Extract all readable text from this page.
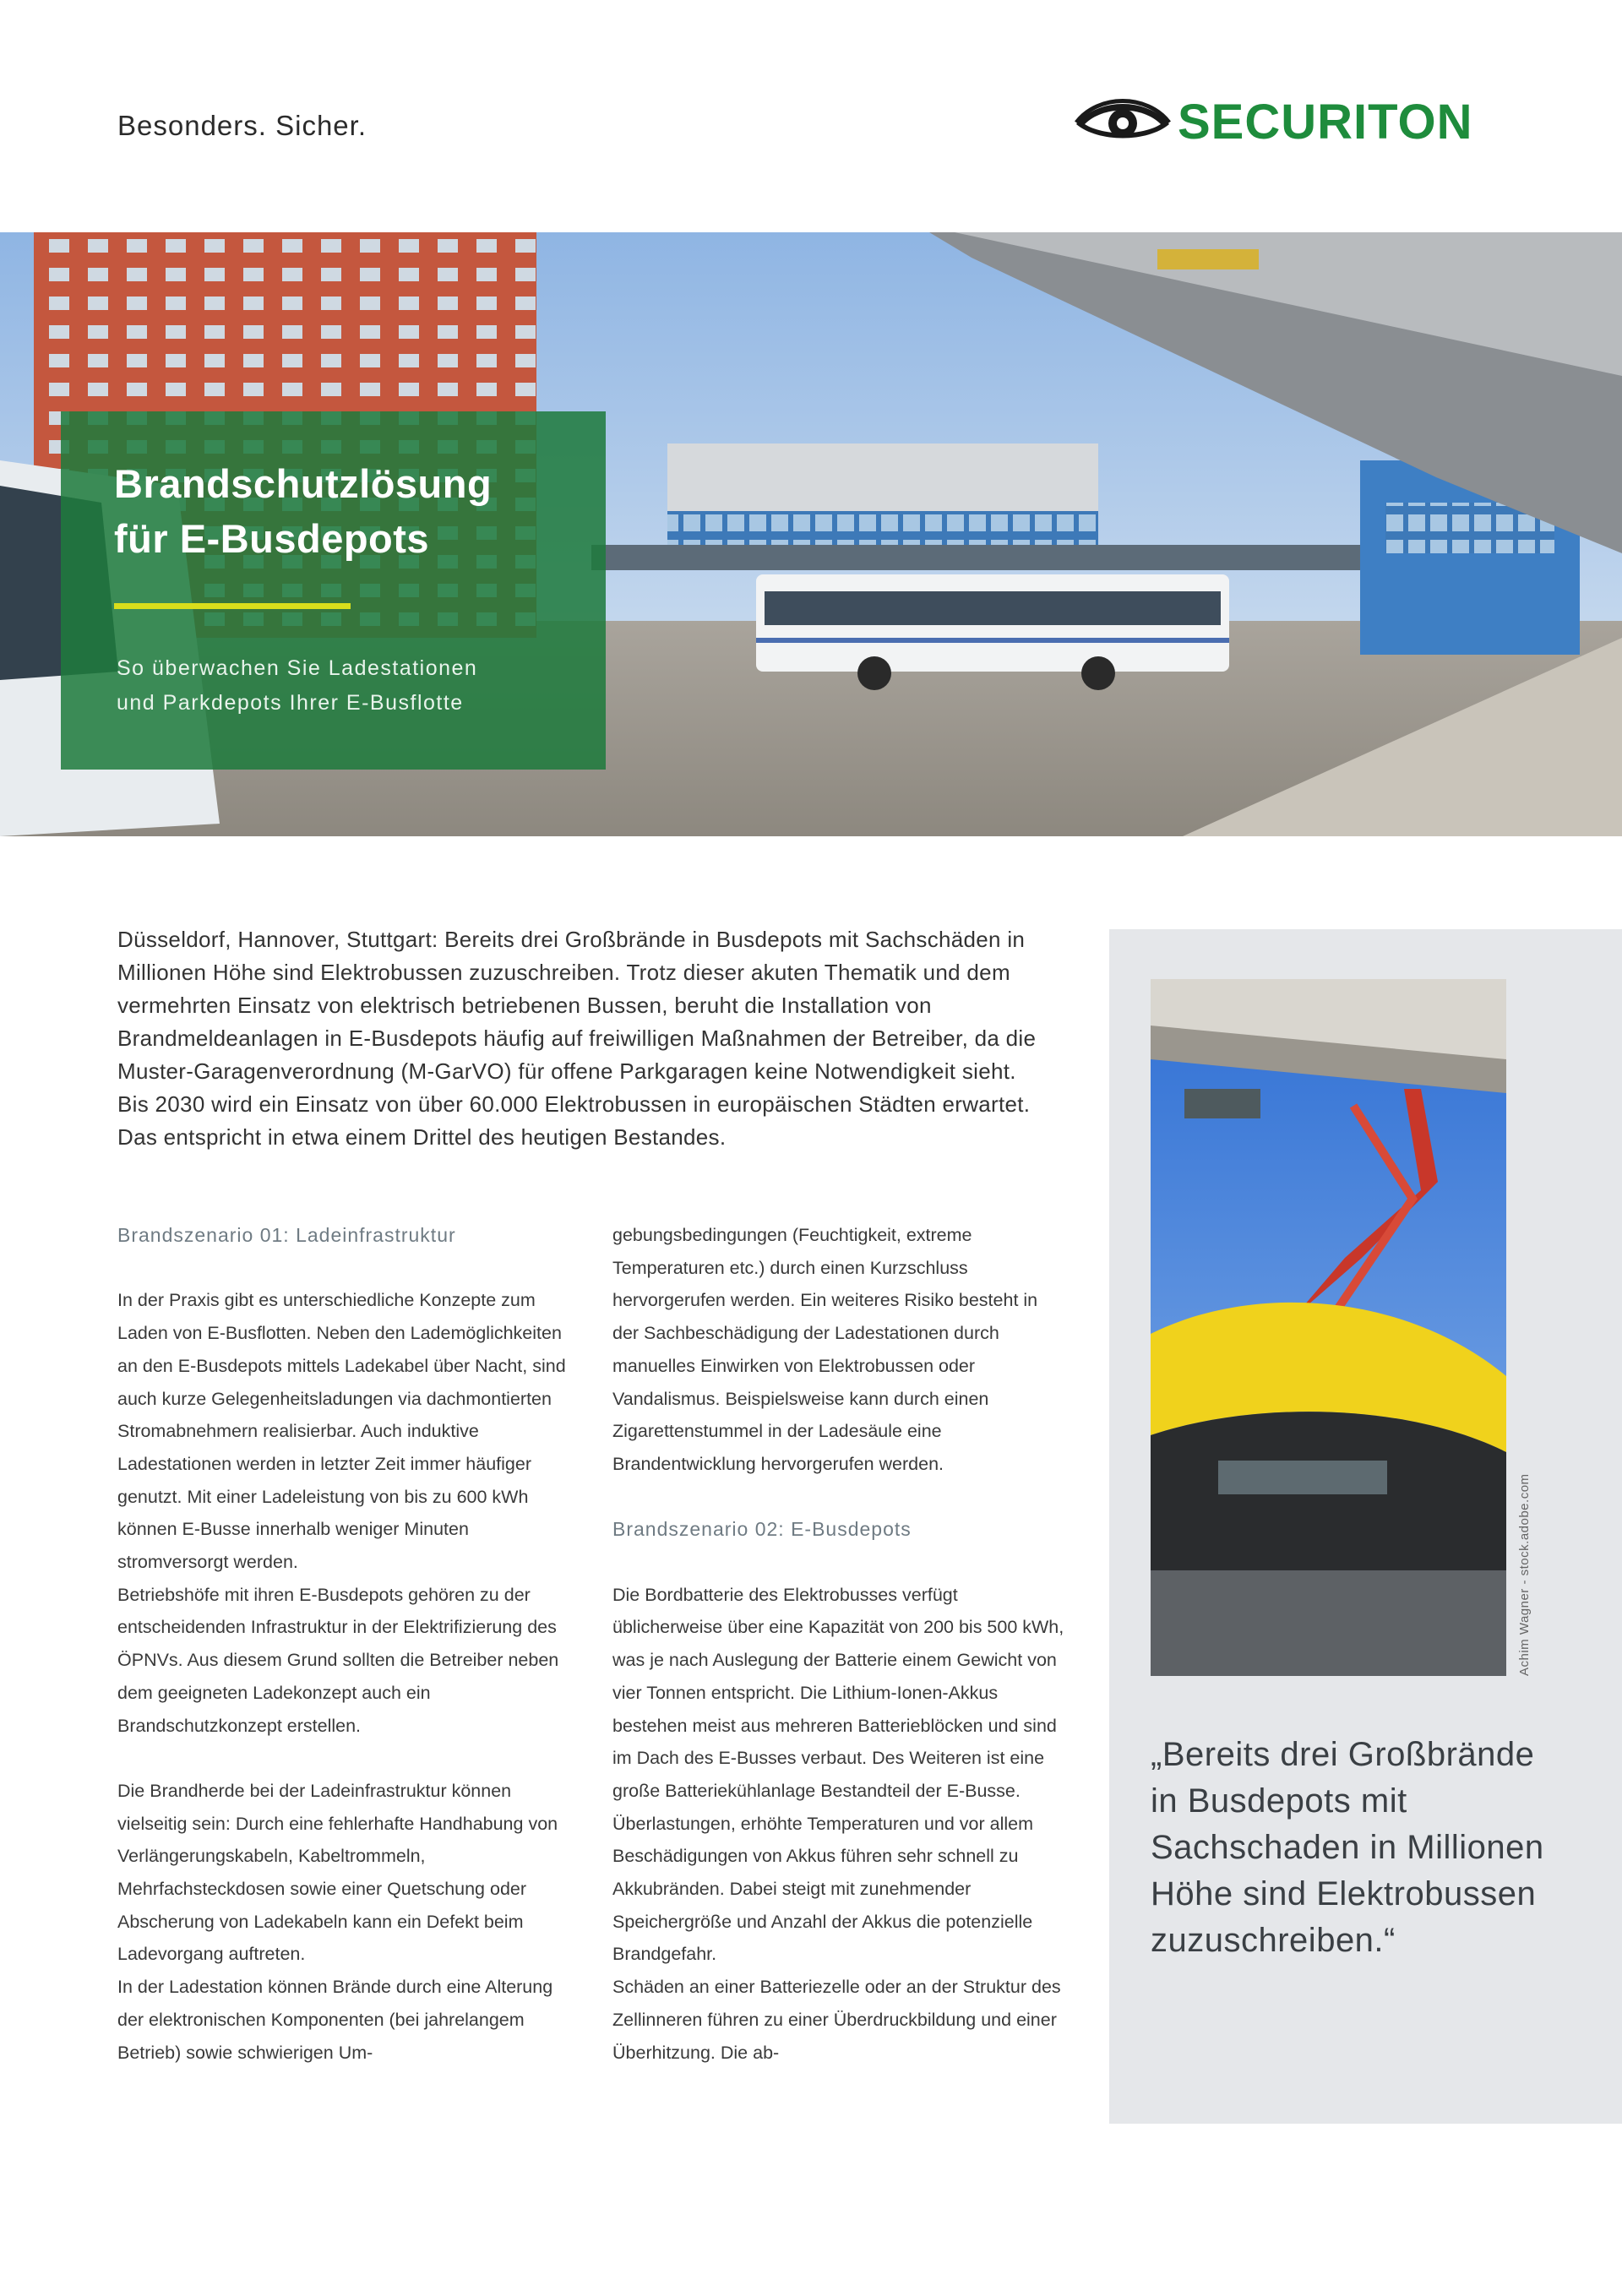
Besonders. Sicher.	SECURITON
Brandschutzlösung
für E-Busdepots
So überwachen Sie Ladestationen
und Parkdepots Ihrer E-Busflotte

Düsseldorf, Hannover, Stuttgart: Bereits drei Großbrände in Busdepots mit Sachschäden in Millionen Höhe sind Elektrobussen zuzuschreiben. Trotz dieser akuten Thematik und dem vermehrten Einsatz von elektrisch betriebenen Bussen, beruht die Installation von Brandmeldeanlagen in E-Busdepots häufig auf freiwilligen Maßnahmen der Betreiber, da die Muster-Garagenverordnung (M-GarVO) für offene Parkgaragen keine Notwendigkeit sieht.

Bis 2030 wird ein Einsatz von über 60.000 Elektrobussen in europäischen Städten erwartet. Das entspricht in etwa einem Drittel des heutigen Bestandes.

Brandszenario 01: Ladeinfrastruktur

In der Praxis gibt es unterschiedliche Konzepte zum Laden von E-Busflotten. Neben den Lademöglichkeiten an den E-Busdepots mittels Ladekabel über Nacht, sind auch kurze Gelegenheitsladungen via dachmontierten Stromabnehmern realisierbar. Auch induktive Ladestationen werden in letzter Zeit immer häufiger genutzt. Mit einer Ladeleistung von bis zu 600 kWh können E-Busse innerhalb weniger Minuten stromversorgt werden.

Betriebshöfe mit ihren E-Busdepots gehören zu der entscheidenden Infrastruktur in der Elektrifizierung des ÖPNVs. Aus diesem Grund sollten die Betreiber neben dem geeigneten Ladekonzept auch ein Brandschutzkonzept erstellen.

Die Brandherde bei der Ladeinfrastruktur können vielseitig sein: Durch eine fehlerhafte Handhabung von Verlängerungskabeln, Kabeltrommeln, Mehrfachsteckdosen sowie einer Quetschung oder Abscherung von Ladekabeln kann ein Defekt beim Ladevorgang auftreten.

In der Ladestation können Brände durch eine Alterung der elektronischen Komponenten (bei jahrelangem Betrieb) sowie schwierigen Um-

gebungsbedingungen (Feuchtigkeit, extreme Temperaturen etc.) durch einen Kurzschluss hervorgerufen werden. Ein weiteres Risiko besteht in der Sachbeschädigung der Ladestationen durch manuelles Einwirken von Elektrobussen oder Vandalismus. Beispielsweise kann durch einen Zigarettenstummel in der Ladesäule eine Brandentwicklung hervorgerufen werden.

Brandszenario 02: E-Busdepots

Die Bordbatterie des Elektrobusses verfügt üblicherweise über eine Kapazität von 200 bis 500 kWh, was je nach Auslegung der Batterie einem Gewicht von vier Tonnen entspricht. Die Lithium-Ionen-Akkus bestehen meist aus mehreren Batterieblöcken und sind im Dach des E-Busses verbaut. Des Weiteren ist eine große Batteriekühlanlage Bestandteil der E-Busse. Überlastungen, erhöhte Temperaturen und vor allem Beschädigungen von Akkus führen sehr schnell zu Akkubränden. Dabei steigt mit zunehmender Speichergröße und Anzahl der Akkus die potenzielle Brandgefahr.

Schäden an einer Batteriezelle oder an der Struktur des Zellinneren führen zu einer Überdruckbildung und einer Überhitzung. Die ab-

Achim Wagner - stock.adobe.com
„Bereits drei Großbrände in Busdepots mit Sachschaden in Millionen Höhe sind Elektrobussen zuzuschreiben.“
